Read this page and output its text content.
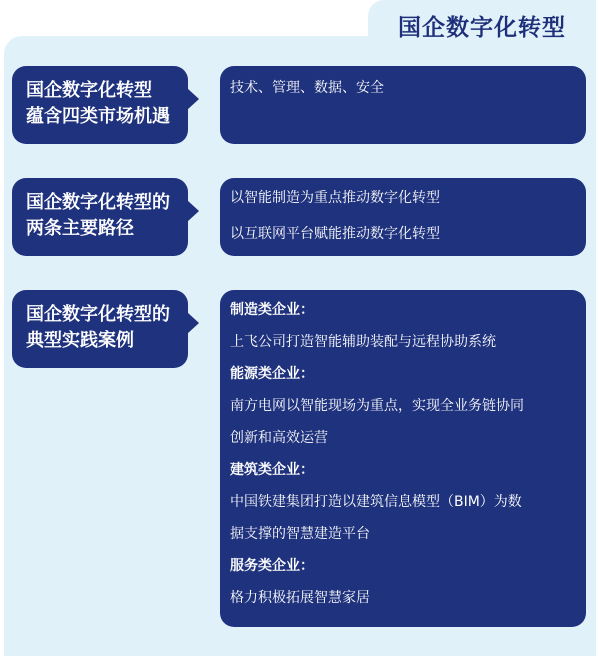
国企数字化转型
国企数字化转型
蕴含四类市场机遇
技术、管理、数据、安全
国企数字化转型的
两条主要路径
以智能制造为重点推动数字化转型
以互联网平台赋能推动数字化转型
国企数字化转型的
典型实践案例
制造类企业：
上飞公司打造智能辅助装配与远程协助系统
能源类企业：
南方电网以智能现场为重点，实现全业务链协同
创新和高效运营
建筑类企业：
中国铁建集团打造以建筑信息模型（BIM）为数
据支撑的智慧建造平台
服务类企业：
格力积极拓展智慧家居
